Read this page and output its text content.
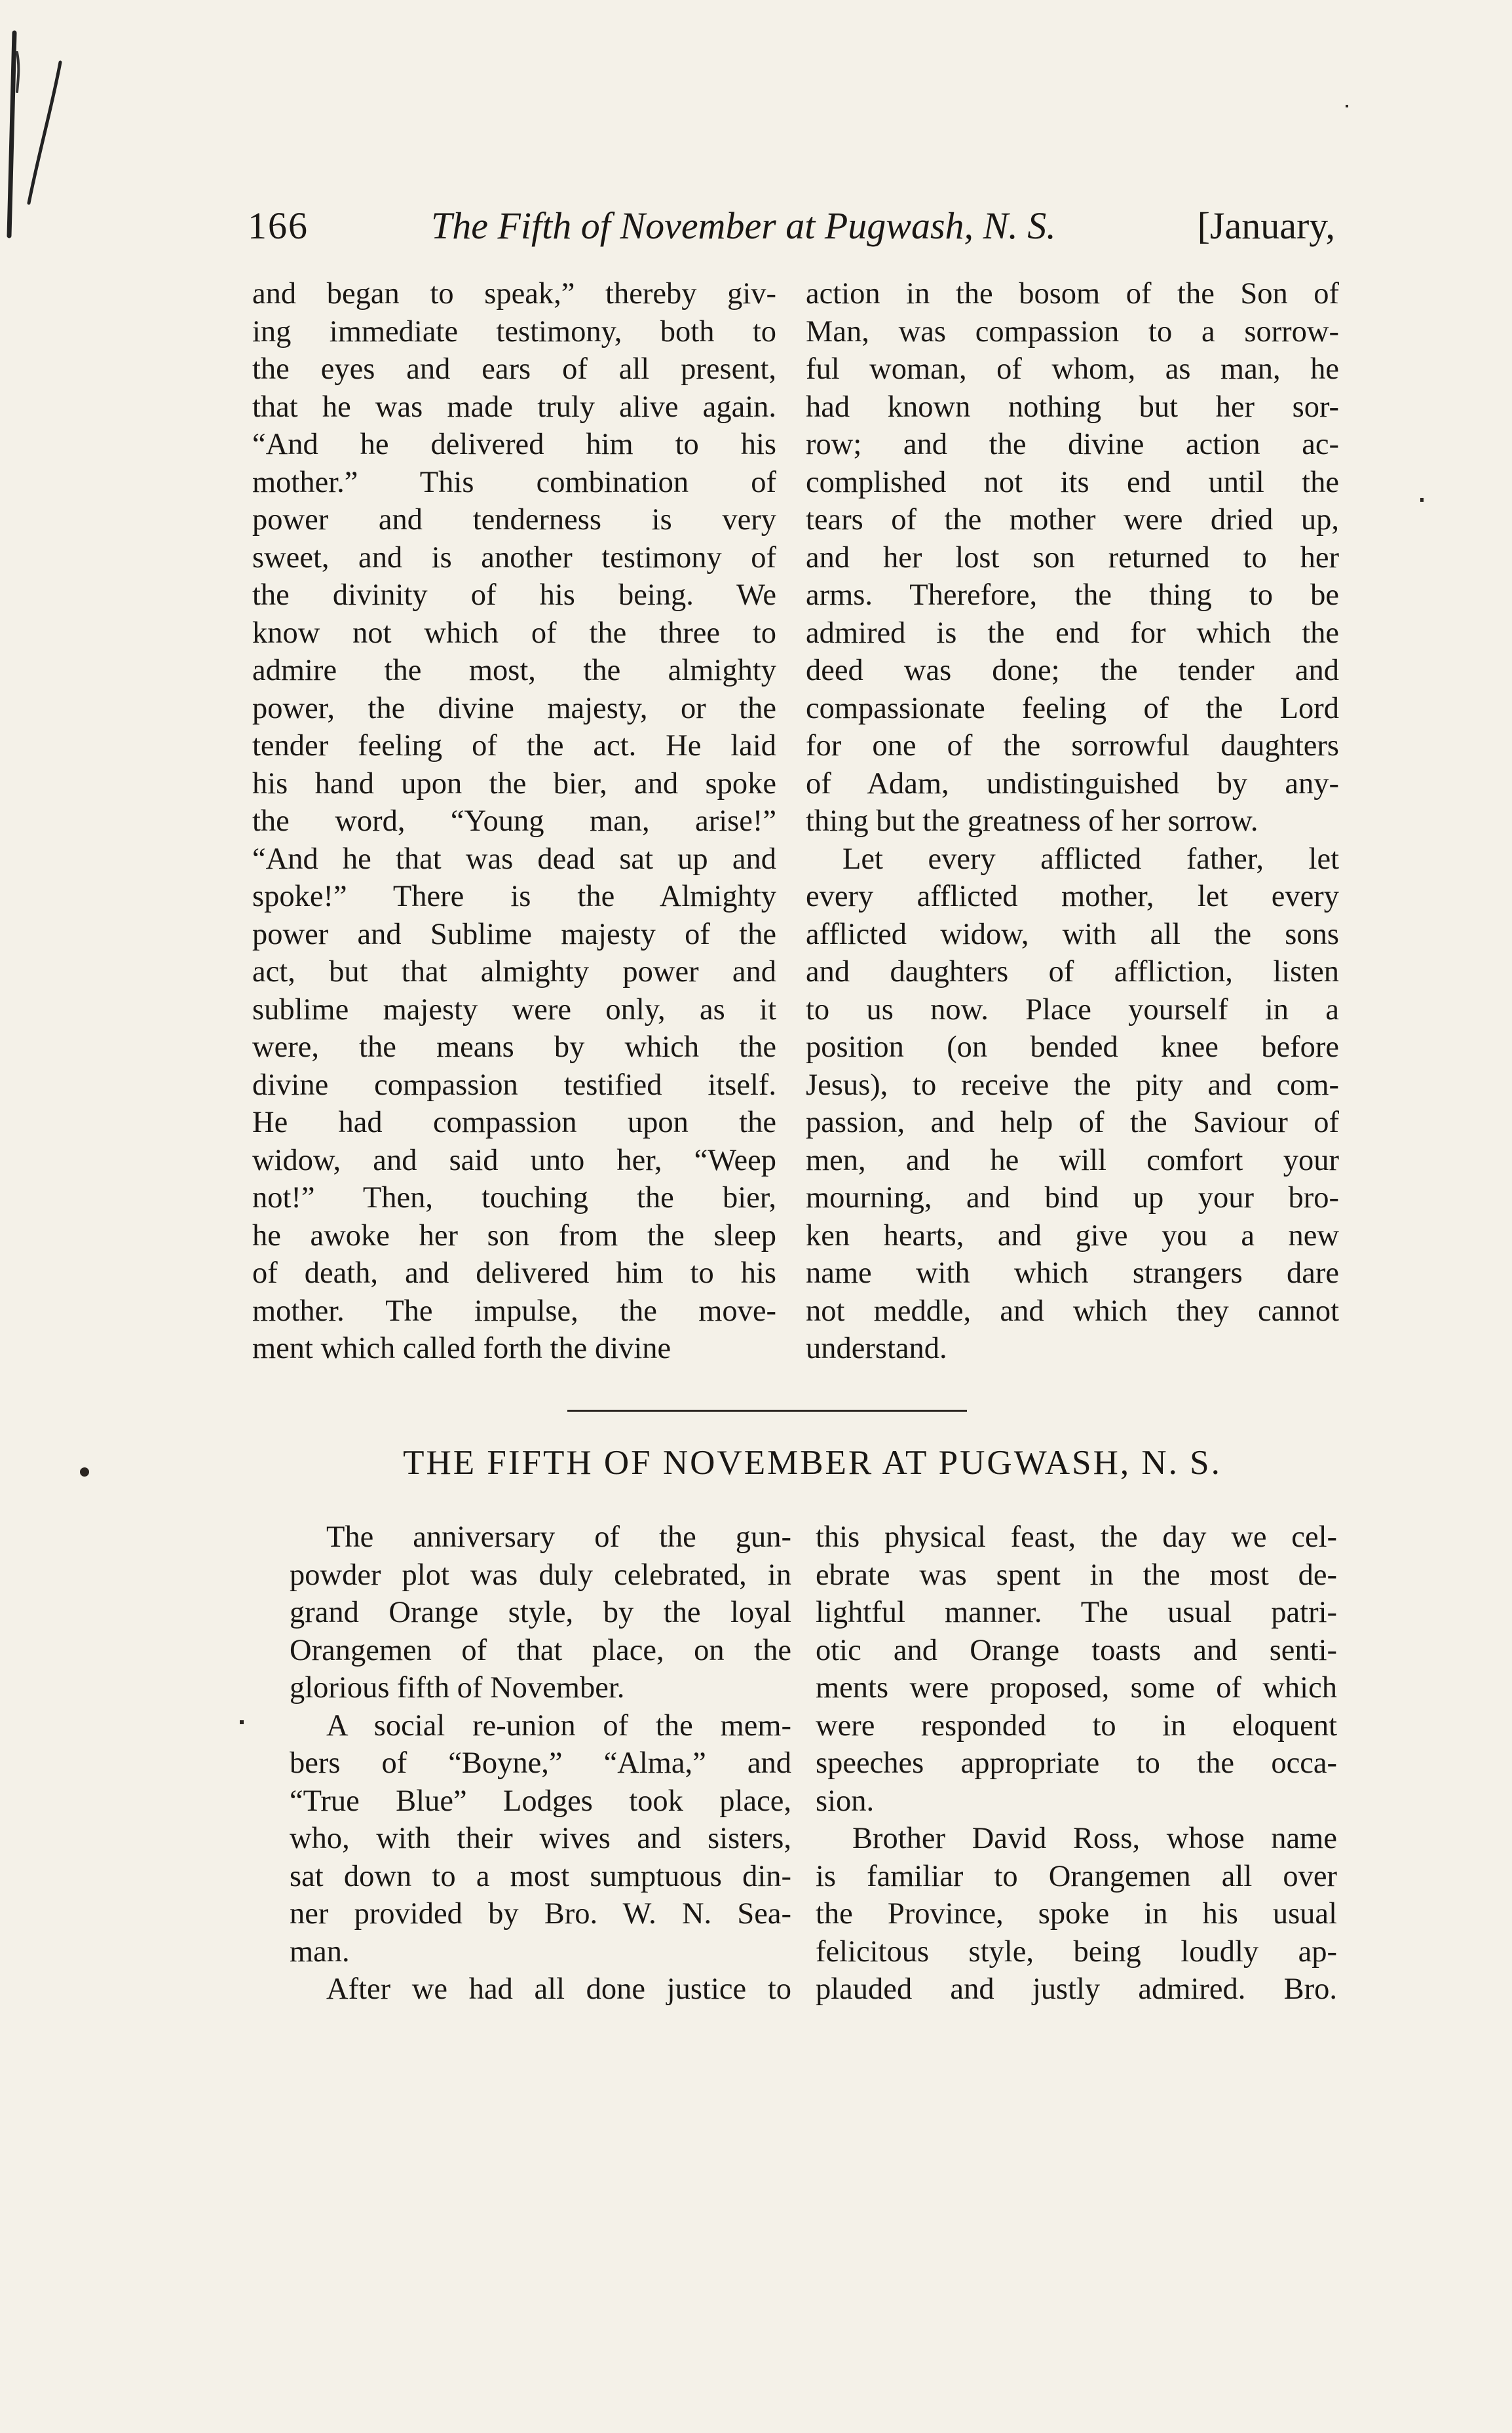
166	The Fifth of November at Pugwash, N. S.	[January,
and began to speak,” thereby giv-
ing immediate testimony, both to
the eyes and ears of all present,
that he was made truly alive again.
“And he delivered him to his
mother.” This combination of
power and tenderness is very
sweet, and is another testimony of
the divinity of his being. We
know not which of the three to
admire the most, the almighty
power, the divine majesty, or the
tender feeling of the act. He laid
his hand upon the bier, and spoke
the word, “Young man, arise!”
“And he that was dead sat up and
spoke!” There is the Almighty
power and Sublime majesty of the
act, but that almighty power and
sublime majesty were only, as it
were, the means by which the
divine compassion testified itself.
He had compassion upon the
widow, and said unto her, “Weep
not!” Then, touching the bier,
he awoke her son from the sleep
of death, and delivered him to his
mother. The impulse, the move-
ment which called forth the divine
action in the bosom of the Son of
Man, was compassion to a sorrow-
ful woman, of whom, as man, he
had known nothing but her sor-
row; and the divine action ac-
complished not its end until the
tears of the mother were dried up,
and her lost son returned to her
arms. Therefore, the thing to be
admired is the end for which the
deed was done; the tender and
compassionate feeling of the Lord
for one of the sorrowful daughters
of Adam, undistinguished by any-
thing but the greatness of her sorrow.
Let every afflicted father, let
every afflicted mother, let every
afflicted widow, with all the sons
and daughters of affliction, listen
to us now. Place yourself in a
position (on bended knee before
Jesus), to receive the pity and com-
passion, and help of the Saviour of
men, and he will comfort your
mourning, and bind up your bro-
ken hearts, and give you a new
name with which strangers dare
not meddle, and which they cannot
understand.
THE FIFTH OF NOVEMBER AT PUGWASH, N. S.
The anniversary of the gun-
powder plot was duly celebrated, in
grand Orange style, by the loyal
Orangemen of that place, on the
glorious fifth of November.
A social re-union of the mem-
bers of “Boyne,” “Alma,” and
“True Blue” Lodges took place,
who, with their wives and sisters,
sat down to a most sumptuous din-
ner provided by Bro. W. N. Sea-
man.
After we had all done justice to
this physical feast, the day we cel-
ebrate was spent in the most de-
lightful manner. The usual patri-
otic and Orange toasts and senti-
ments were proposed, some of which
were responded to in eloquent
speeches appropriate to the occa-
sion.
Brother David Ross, whose name
is familiar to Orangemen all over
the Province, spoke in his usual
felicitous style, being loudly ap-
plauded and justly admired. Bro.
